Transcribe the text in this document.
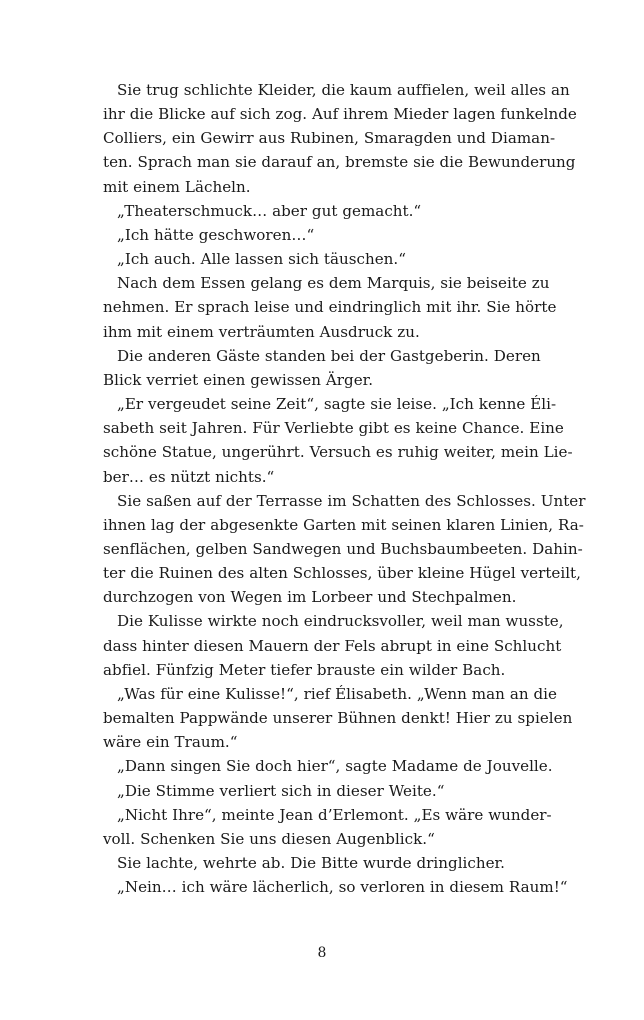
Sie trug schlichte Kleider, die kaum auffielen, weil alles an
ihr die Blicke auf sich zog. Auf ihrem Mieder lagen funkelnde
Colliers, ein Gewirr aus Rubinen, Smaragden und Diaman-
ten. Sprach man sie darauf an, bremste sie die Bewunderung
mit einem Lächeln.

„Theaterschmuck… aber gut gemacht.“

„Ich hätte geschworen…“

„Ich auch. Alle lassen sich täuschen.“

Nach dem Essen gelang es dem Marquis, sie beiseite zu
nehmen. Er sprach leise und eindringlich mit ihr. Sie hörte
ihm mit einem verträumten Ausdruck zu.

Die anderen Gäste standen bei der Gastgeberin. Deren
Blick verriet einen gewissen Ärger.

„Er vergeudet seine Zeit“, sagte sie leise. „Ich kenne Éli-
sabeth seit Jahren. Für Verliebte gibt es keine Chance. Eine
schöne Statue, ungerührt. Versuch es ruhig weiter, mein Lie-
ber… es nützt nichts.“

Sie saßen auf der Terrasse im Schatten des Schlosses. Unter
ihnen lag der abgesenkte Garten mit seinen klaren Linien, Ra-
senflächen, gelben Sandwegen und Buchsbaumbeeten. Dahin-
ter die Ruinen des alten Schlosses, über kleine Hügel verteilt,
durchzogen von Wegen im Lorbeer und Stechpalmen.

Die Kulisse wirkte noch eindrucksvoller, weil man wusste,
dass hinter diesen Mauern der Fels abrupt in eine Schlucht
abfiel. Fünfzig Meter tiefer brauste ein wilder Bach.

„Was für eine Kulisse!“, rief Élisabeth. „Wenn man an die
bemalten Pappwände unserer Bühnen denkt! Hier zu spielen
wäre ein Traum.“

„Dann singen Sie doch hier“, sagte Madame de Jouvelle.

„Die Stimme verliert sich in dieser Weite.“

„Nicht Ihre“, meinte Jean d’Erlemont. „Es wäre wunder-
voll. Schenken Sie uns diesen Augenblick.“

Sie lachte, wehrte ab. Die Bitte wurde dringlicher.

„Nein… ich wäre lächerlich, so verloren in diesem Raum!“

8
